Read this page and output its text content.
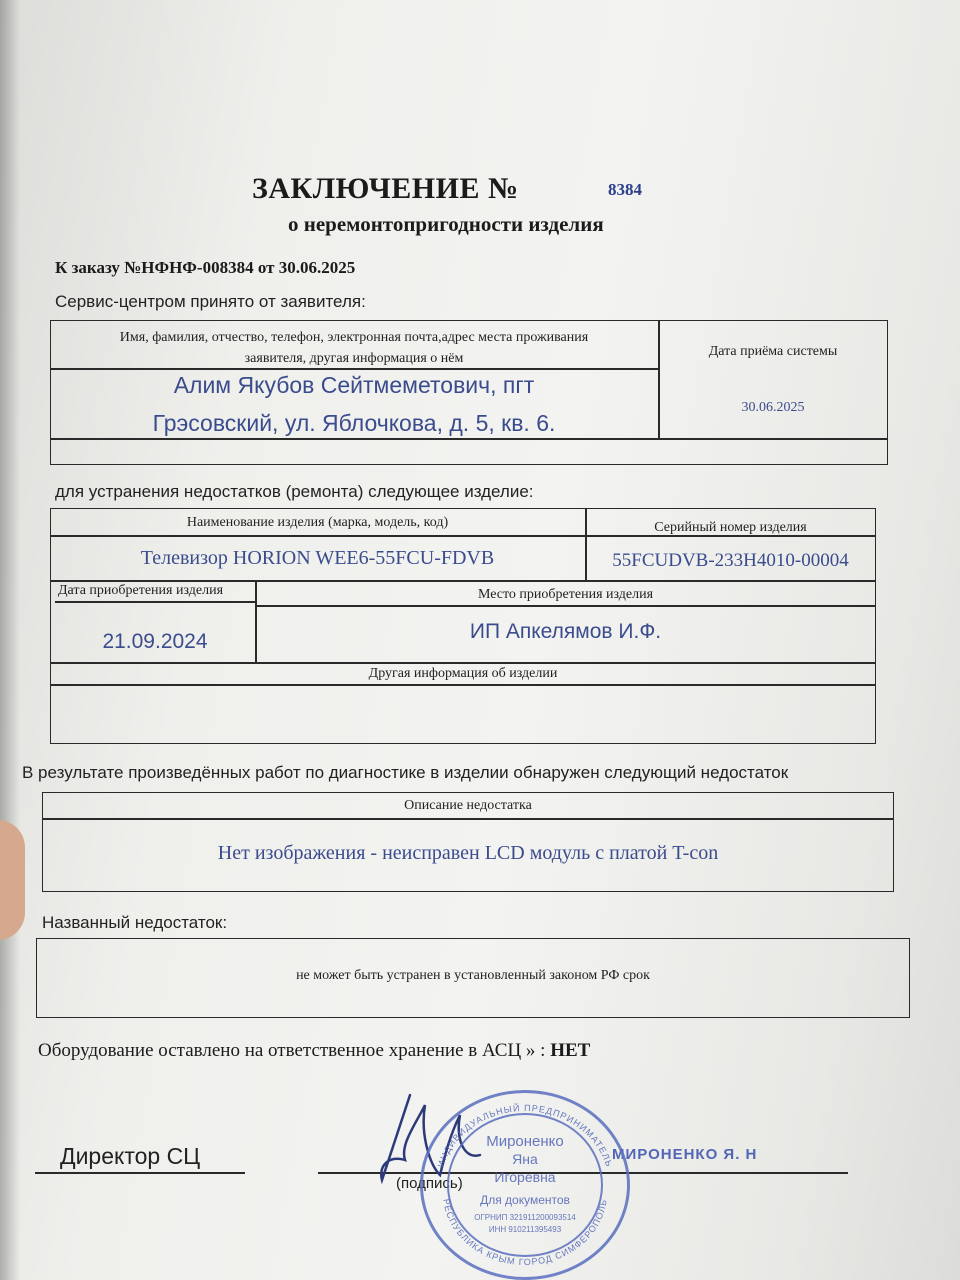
ЗАКЛЮЧЕНИЕ №	8384
о неремонтопригодности изделия
К заказу №НФНФ-008384 от 30.06.2025
Сервис-центром принято от заявителя:
Имя, фамилия, отчество, телефон, электронная почта,адрес места проживания
заявителя, другая информация о нём	Дата приёма системы
Алим Якубов Сейтмеметович, пгт
Грэсовский, ул. Яблочкова, д. 5, кв. 6.
30.06.2025
для устранения недостатков (ремонта) следующее изделие:
Наименование изделия (марка, модель, код)	Серийный номер изделия
Телевизор HORION WEE6-55FCU-FDVB	55FCUDVB-233H4010-00004
Дата приобретения изделия	Место приобретения изделия
21.09.2024	ИП Апкелямов И.Ф.
Другая информация об изделии
В результате произведённых работ по диагностике в изделии обнаружен следующий недостаток
Описание недостатка
Нет изображения - неисправен LCD модуль с платой T-con
Названный недостаток:
не может быть устранен в установленный законом РФ срок
Оборудование оставлено на ответственное хранение в АСЦ » : НЕТ
Директор СЦ
(подпись)
МИРОНЕНКО Я. Н
ИНДИВИДУАЛЬНЫЙ ПРЕДПРИНИМАТЕЛЬ
РЕСПУБЛИКА КРЫМ ГОРОД СИМФЕРОПОЛЬ
Мироненко
Яна
Игоревна
Для документов
ОГРНИП 321911200093514
ИНН 910211395493
